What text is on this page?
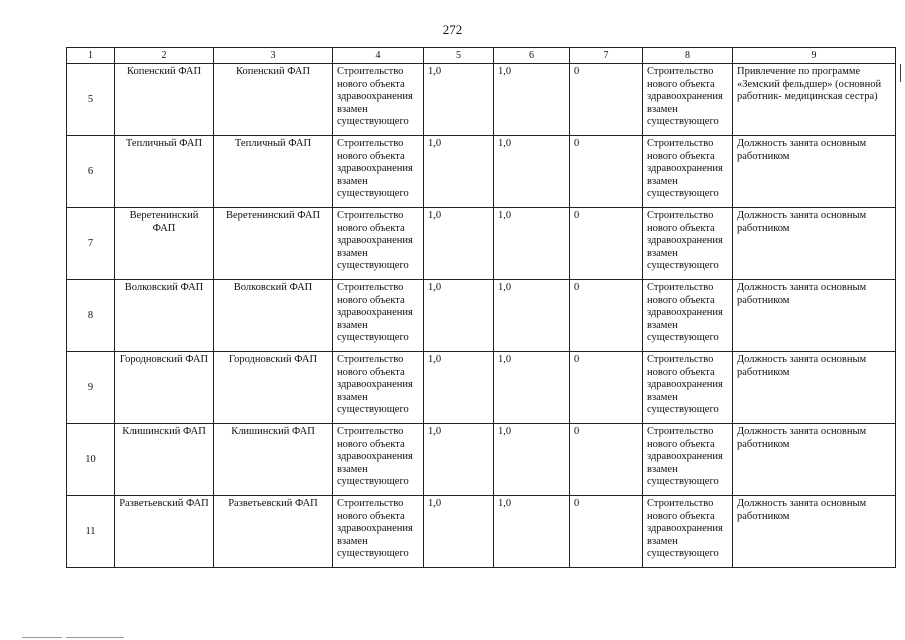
272
1	2	3	4	5	6	7	8	9
5	Копенский ФАП	Копенский ФАП	Строительство нового объекта здравоохранения взамен существующего	1,0	1,0	0	Строительство нового объекта здравоохранения взамен существующего	Привлечение по программе «Земский фельдшер» (основной работник- медицинская сестра)
6	Тепличный ФАП	Тепличный ФАП	Строительство нового объекта здравоохранения взамен существующего	1,0	1,0	0	Строительство нового объекта здравоохранения взамен существующего	Должность занята основным работником
7	Веретенинский ФАП	Веретенинский ФАП	Строительство нового объекта здравоохранения взамен существующего	1,0	1,0	0	Строительство нового объекта здравоохранения взамен существующего	Должность занята основным работником
8	Волковский ФАП	Волковский ФАП	Строительство нового объекта здравоохранения взамен существующего	1,0	1,0	0	Строительство нового объекта здравоохранения взамен существующего	Должность занята основным работником
9	Городновский ФАП	Городновский ФАП	Строительство нового объекта здравоохранения взамен существующего	1,0	1,0	0	Строительство нового объекта здравоохранения взамен существующего	Должность занята основным работником
10	Клишинский ФАП	Клишинский ФАП	Строительство нового объекта здравоохранения взамен существующего	1,0	1,0	0	Строительство нового объекта здравоохранения взамен существующего	Должность занята основным работником
11	Разветьевский ФАП	Разветьевский ФАП	Строительство нового объекта здравоохранения взамен существующего	1,0	1,0	0	Строительство нового объекта здравоохранения взамен существующего	Должность занята основным работником
